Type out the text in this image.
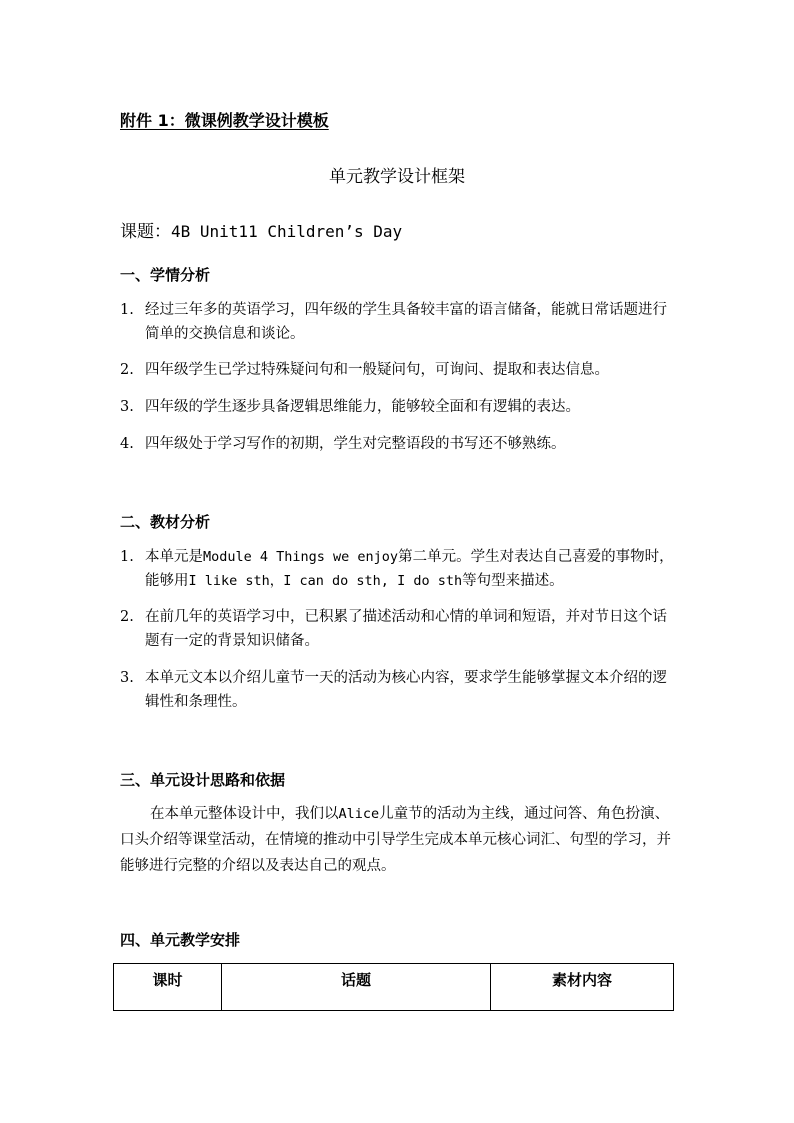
附件 1：微课例教学设计模板

单元教学设计框架

课题：4B Unit11 Children’s Day

一、学情分析

1. 经过三年多的英语学习，四年级的学生具备较丰富的语言储备，能就日常话题进行简单的交换信息和谈论。
2. 四年级学生已学过特殊疑问句和一般疑问句，可询问、提取和表达信息。
3. 四年级的学生逐步具备逻辑思维能力，能够较全面和有逻辑的表达。
4. 四年级处于学习写作的初期，学生对完整语段的书写还不够熟练。

二、教材分析

1. 本单元是Module 4 Things we enjoy第二单元。学生对表达自己喜爱的事物时，能够用I like sth，I can do sth, I do sth等句型来描述。
2. 在前几年的英语学习中，已积累了描述活动和心情的单词和短语，并对节日这个话题有一定的背景知识储备。
3. 本单元文本以介绍儿童节一天的活动为核心内容，要求学生能够掌握文本介绍的逻辑性和条理性。

三、单元设计思路和依据

在本单元整体设计中，我们以Alice儿童节的活动为主线，通过问答、角色扮演、口头介绍等课堂活动，在情境的推动中引导学生完成本单元核心词汇、句型的学习，并能够进行完整的介绍以及表达自己的观点。

四、单元教学安排

课时	话题	素材内容
